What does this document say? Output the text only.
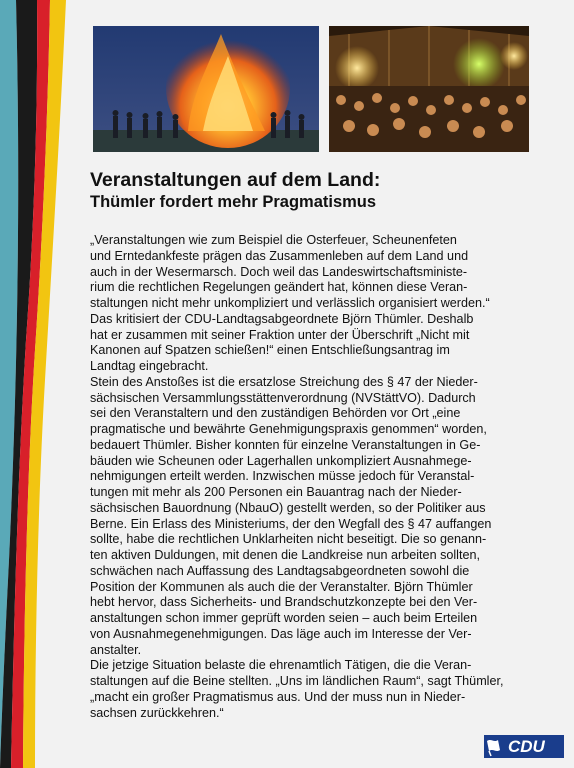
Veranstaltungen auf dem Land:
Thümler fordert mehr Pragmatismus
„Veranstaltungen wie zum Beispiel die Osterfeuer, Scheunenfeten
und Erntedankfeste prägen das Zusammenleben auf dem Land und
auch in der Wesermarsch. Doch weil das Landeswirtschaftsministe-
rium die rechtlichen Regelungen geändert hat, können diese Veran-
staltungen nicht mehr unkompliziert und verlässlich organisiert werden.“
Das kritisiert der CDU-Landtagsabgeordnete Björn Thümler. Deshalb
hat er zusammen mit seiner Fraktion unter der Überschrift „Nicht mit
Kanonen auf Spatzen schießen!“ einen Entschließungsantrag im
Landtag eingebracht.
Stein des Anstoßes ist die ersatzlose Streichung des § 47 der Nieder-
sächsischen Versammlungsstättenverordnung (NVStättVO). Dadurch
sei den Veranstaltern und den zuständigen Behörden vor Ort „eine
pragmatische und bewährte Genehmigungspraxis genommen“ worden,
bedauert Thümler. Bisher konnten für einzelne Veranstaltungen in Ge-
bäuden wie Scheunen oder Lagerhallen unkompliziert Ausnahmege-
nehmigungen erteilt werden. Inzwischen müsse jedoch für Veranstal-
tungen mit mehr als 200 Personen ein Bauantrag nach der Nieder-
sächsischen Bauordnung (NbauO) gestellt werden, so der Politiker aus
Berne. Ein Erlass des Ministeriums, der den Wegfall des § 47 auffangen
sollte, habe die rechtlichen Unklarheiten nicht beseitigt. Die so genann-
ten aktiven Duldungen, mit denen die Landkreise nun arbeiten sollten,
schwächen nach Auffassung des Landtagsabgeordneten sowohl die
Position der Kommunen als auch die der Veranstalter. Björn Thümler
hebt hervor, dass Sicherheits- und Brandschutzkonzepte bei den Ver-
anstaltungen schon immer geprüft worden seien – auch beim Erteilen
von Ausnahmegenehmigungen. Das läge auch im Interesse der Ver-
anstalter.
Die jetzige Situation belaste die ehrenamtlich Tätigen, die die Veran-
staltungen auf die Beine stellten. „Uns im ländlichen Raum“, sagt Thümler,
„macht ein großer Pragmatismus aus. Und der muss nun in Nieder-
sachsen zurückkehren.“
CDU
